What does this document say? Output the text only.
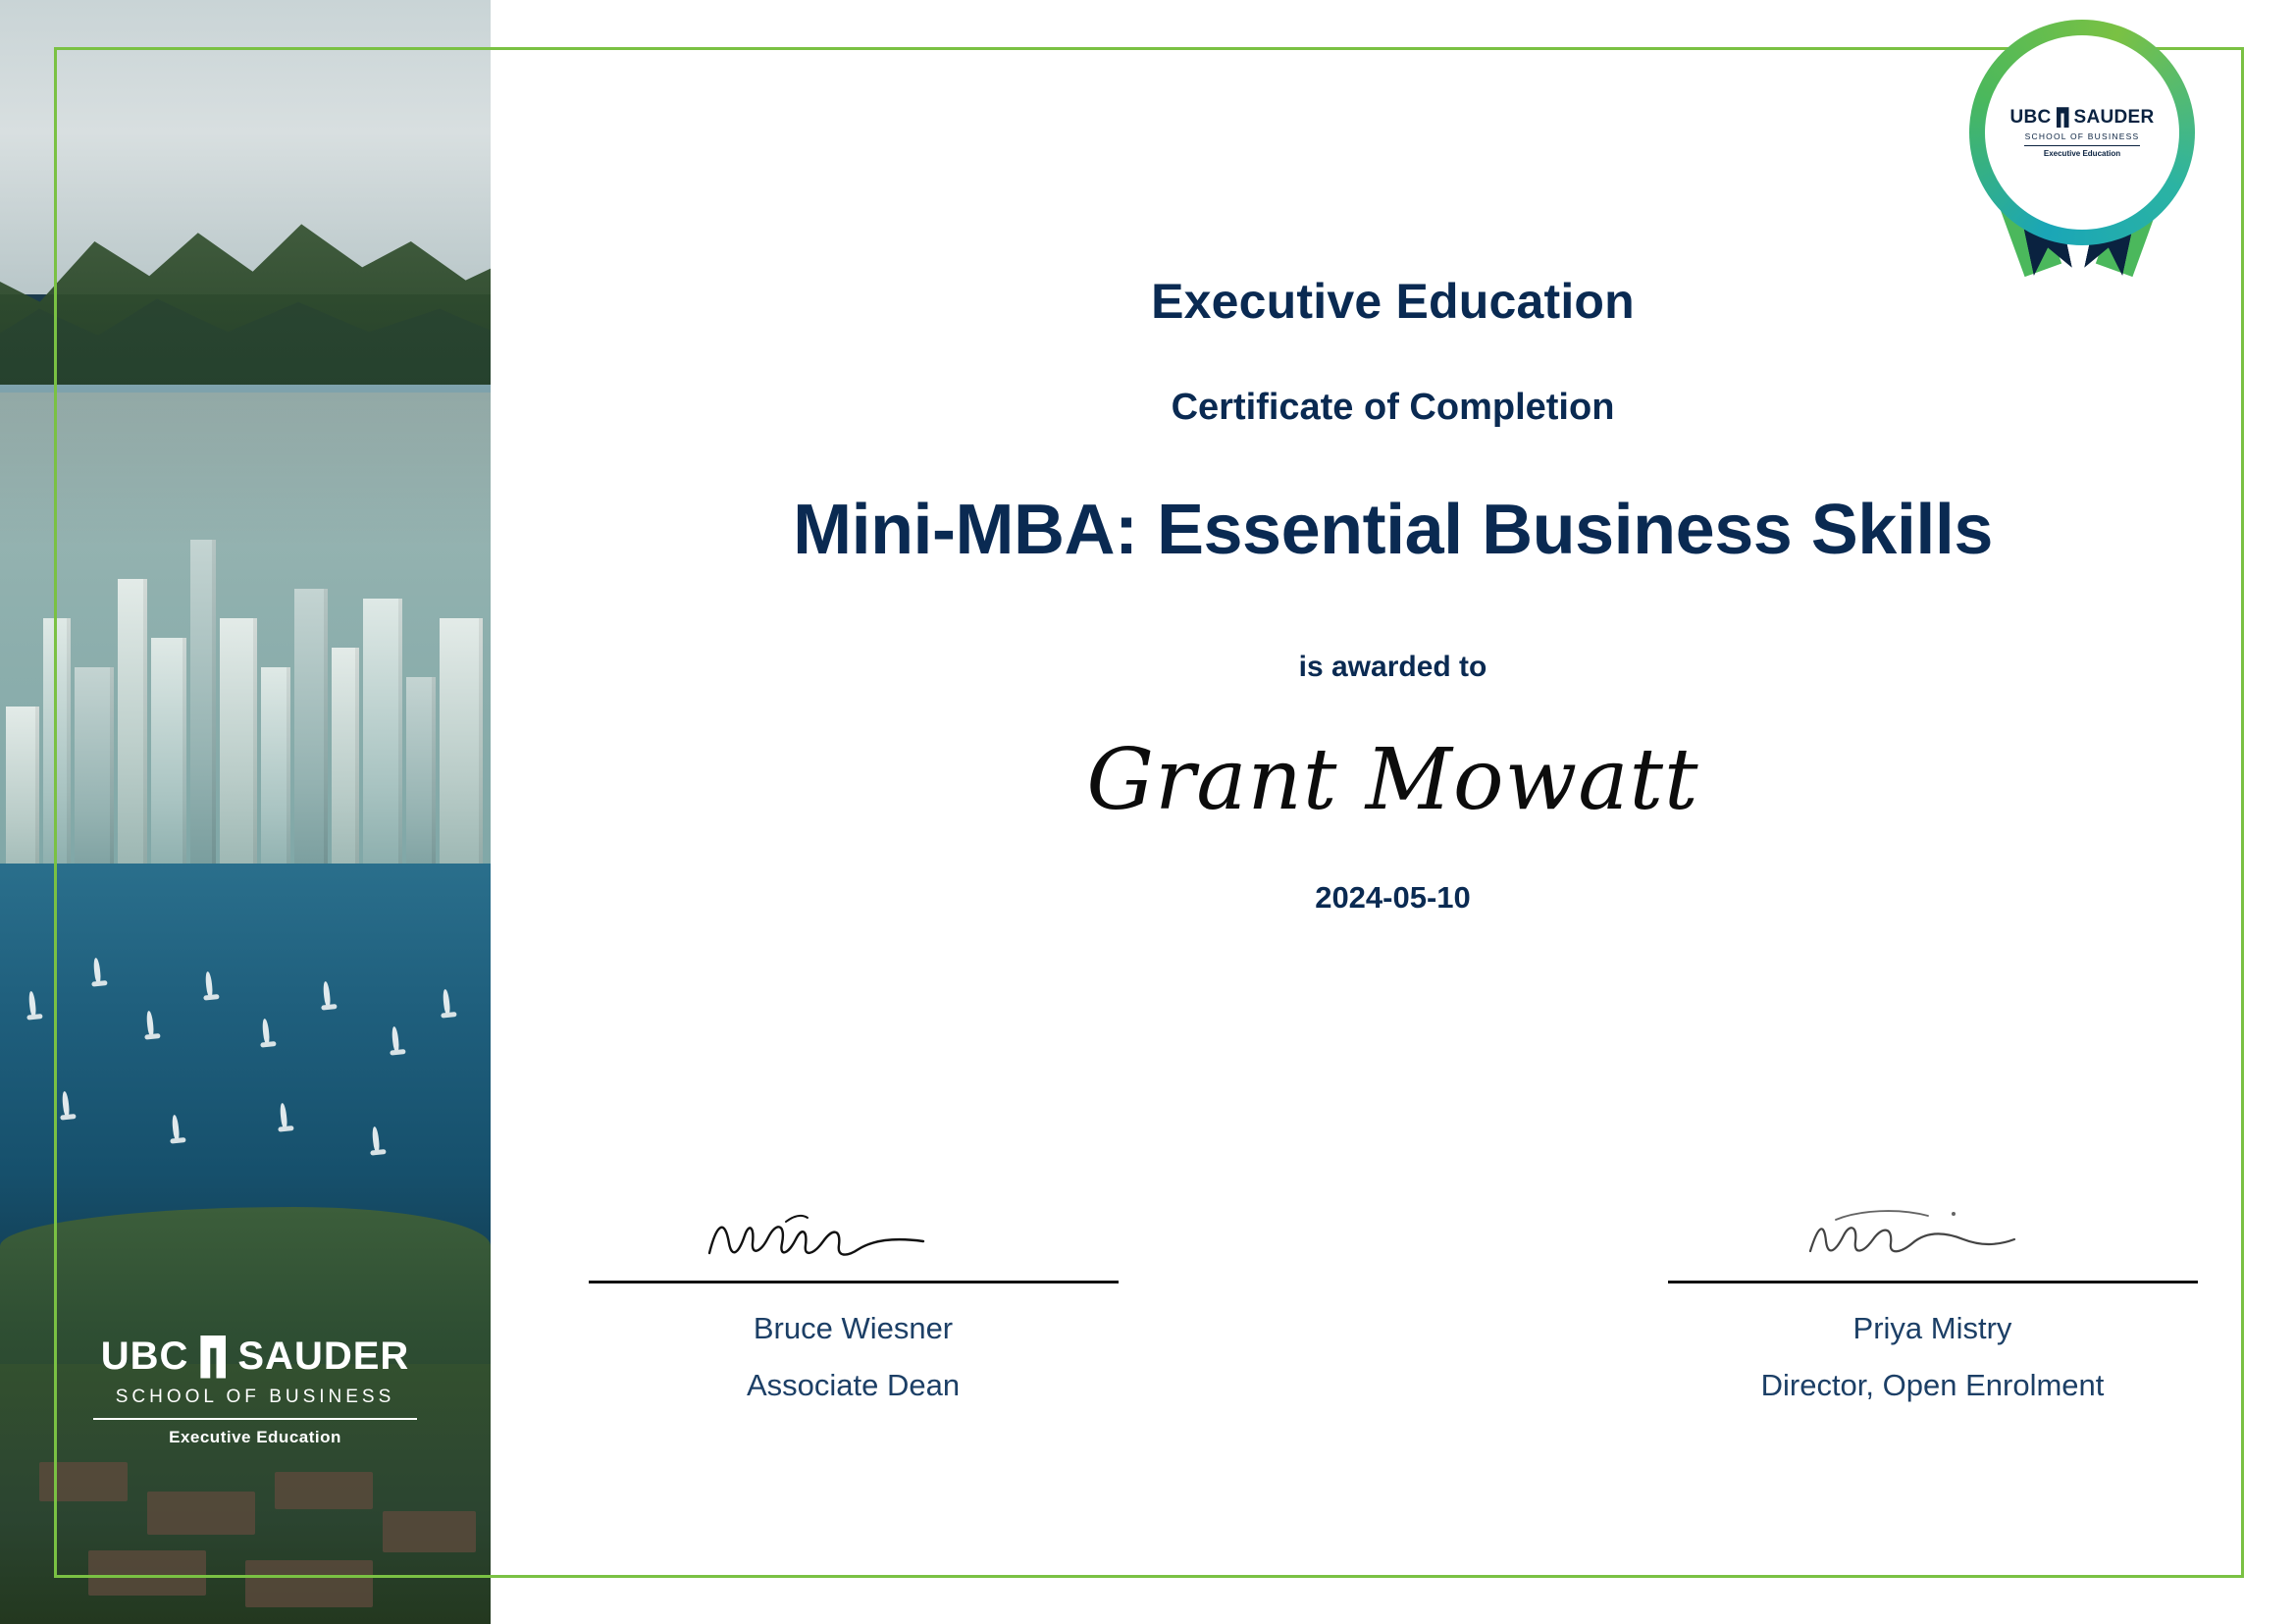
UBC SAUDER
SCHOOL OF BUSINESS
Executive Education
UBC SAUDER
SCHOOL OF BUSINESS
Executive Education
Executive Education
Certificate of Completion
Mini-MBA: Essential Business Skills
is awarded to
Grant Mowatt
2024-05-10
Bruce Wiesner
Associate Dean
Priya Mistry
Director, Open Enrolment
